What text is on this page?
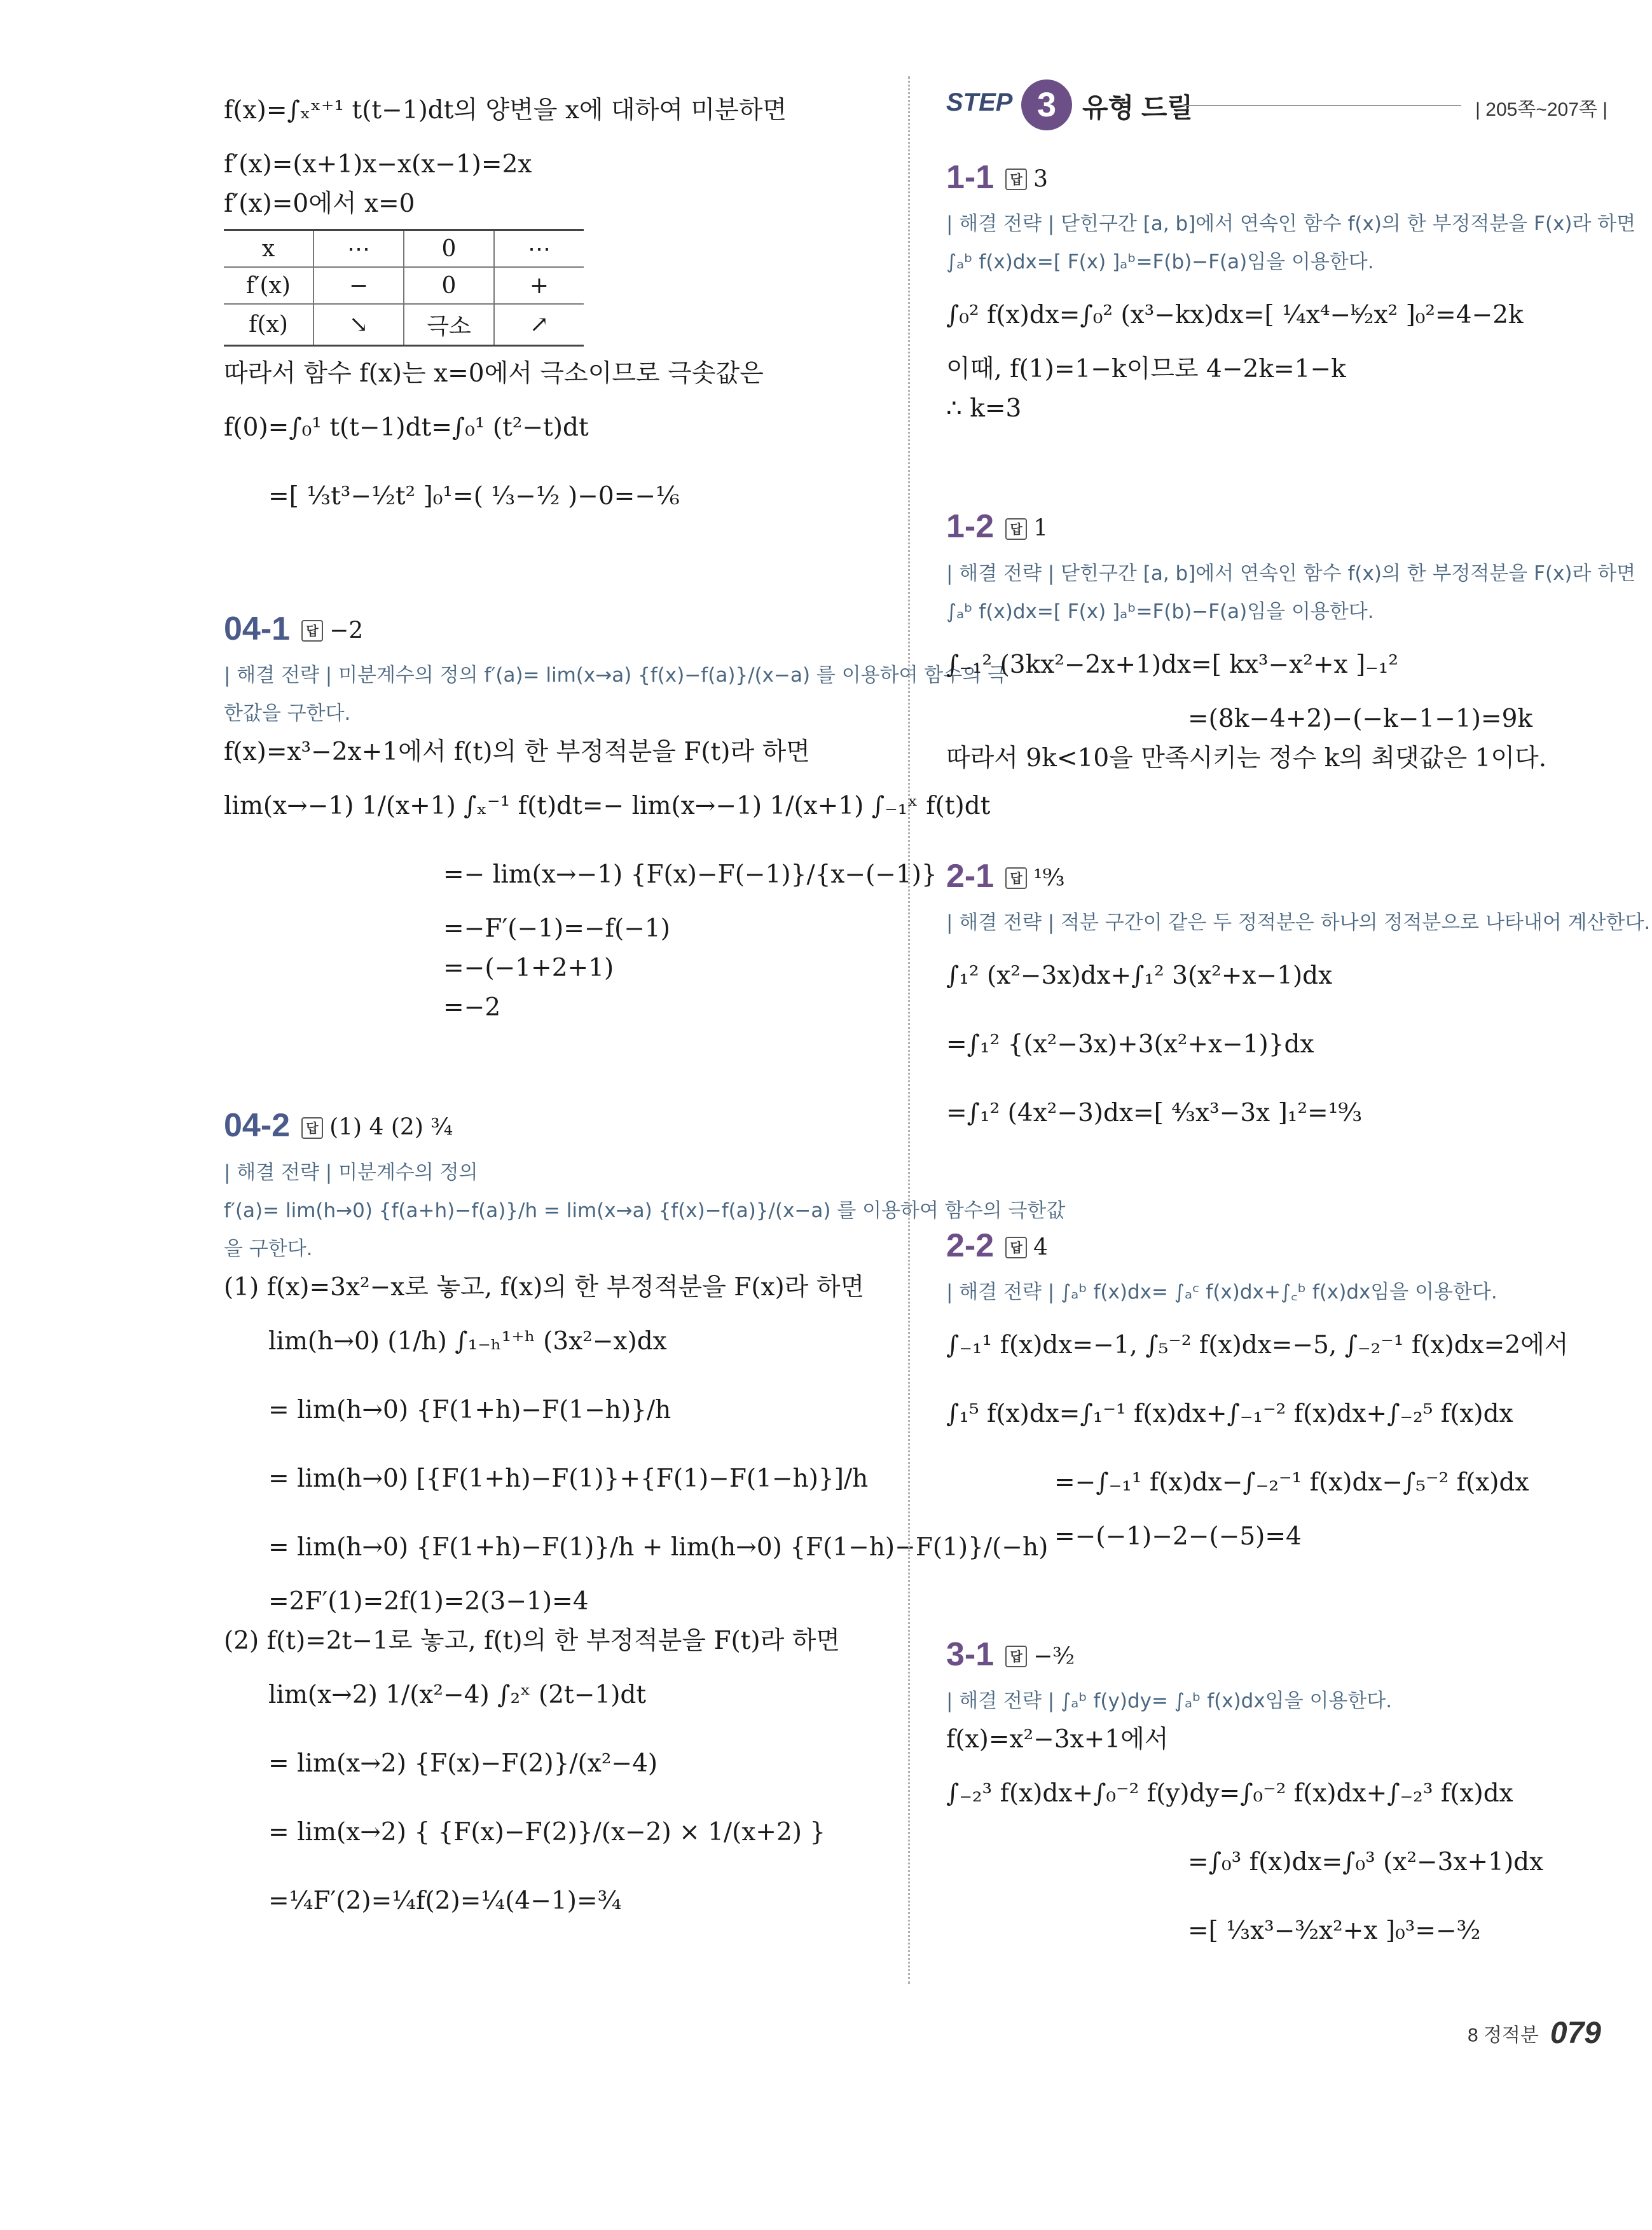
f(x)=∫ₓˣ⁺¹ t(t−1)dt의 양변을 x에 대하여 미분하면
f′(x)=(x+1)x−x(x−1)=2x
f′(x)=0에서 x=0
x	⋯	0	⋯
f′(x)	−	0	+
f(x)	↘	극소	↗
따라서 함수 f(x)는 x=0에서 극소이므로 극솟값은
f(0)=∫₀¹ t(t−1)dt=∫₀¹ (t²−t)dt
=[ ¹⁄₃t³−¹⁄₂t² ]₀¹=( ¹⁄₃−¹⁄₂ )−0=−¹⁄₆
04-1 답 −2
| 해결 전략 | 미분계수의 정의 f′(a)= lim(x→a) {f(x)−f(a)}/(x−a) 를 이용하여 함수의 극
한값을 구한다.
f(x)=x³−2x+1에서 f(t)의 한 부정적분을 F(t)라 하면
lim(x→−1) 1/(x+1) ∫ₓ⁻¹ f(t)dt=− lim(x→−1) 1/(x+1) ∫₋₁ˣ f(t)dt
=− lim(x→−1) {F(x)−F(−1)}/{x−(−1)}
=−F′(−1)=−f(−1)
=−(−1+2+1)
=−2
04-2 답 (1) 4 (2) ³⁄₄
| 해결 전략 | 미분계수의 정의
f′(a)= lim(h→0) {f(a+h)−f(a)}/h = lim(x→a) {f(x)−f(a)}/(x−a) 를 이용하여 함수의 극한값
을 구한다.
(1) f(x)=3x²−x로 놓고, f(x)의 한 부정적분을 F(x)라 하면
lim(h→0) (1/h) ∫₁₋ₕ¹⁺ʰ (3x²−x)dx
= lim(h→0) {F(1+h)−F(1−h)}/h
= lim(h→0) [{F(1+h)−F(1)}+{F(1)−F(1−h)}]/h
= lim(h→0) {F(1+h)−F(1)}/h + lim(h→0) {F(1−h)−F(1)}/(−h)
=2F′(1)=2f(1)=2(3−1)=4
(2) f(t)=2t−1로 놓고, f(t)의 한 부정적분을 F(t)라 하면
lim(x→2) 1/(x²−4) ∫₂ˣ (2t−1)dt
= lim(x→2) {F(x)−F(2)}/(x²−4)
= lim(x→2) { {F(x)−F(2)}/(x−2) × 1/(x+2) }
=¹⁄₄F′(2)=¹⁄₄f(2)=¹⁄₄(4−1)=³⁄₄
STEP 3 유형 드릴	| 205쪽~207쪽 |
1-1 답 3
| 해결 전략 | 닫힌구간 [a, b]에서 연속인 함수 f(x)의 한 부정적분을 F(x)라 하면
∫ₐᵇ f(x)dx=[ F(x) ]ₐᵇ=F(b)−F(a)임을 이용한다.
∫₀² f(x)dx=∫₀² (x³−kx)dx=[ ¹⁄₄x⁴−ᵏ⁄₂x² ]₀²=4−2k
이때, f(1)=1−k이므로 4−2k=1−k
∴ k=3
1-2 답 1
| 해결 전략 | 닫힌구간 [a, b]에서 연속인 함수 f(x)의 한 부정적분을 F(x)라 하면
∫ₐᵇ f(x)dx=[ F(x) ]ₐᵇ=F(b)−F(a)임을 이용한다.
∫₋₁² (3kx²−2x+1)dx=[ kx³−x²+x ]₋₁²
=(8k−4+2)−(−k−1−1)=9k
따라서 9k<10을 만족시키는 정수 k의 최댓값은 1이다.
2-1 답 ¹⁹⁄₃
| 해결 전략 | 적분 구간이 같은 두 정적분은 하나의 정적분으로 나타내어 계산한다.
∫₁² (x²−3x)dx+∫₁² 3(x²+x−1)dx
=∫₁² {(x²−3x)+3(x²+x−1)}dx
=∫₁² (4x²−3)dx=[ ⁴⁄₃x³−3x ]₁²=¹⁹⁄₃
2-2 답 4
| 해결 전략 | ∫ₐᵇ f(x)dx= ∫ₐᶜ f(x)dx+∫꜀ᵇ f(x)dx임을 이용한다.
∫₋₁¹ f(x)dx=−1, ∫₅⁻² f(x)dx=−5, ∫₋₂⁻¹ f(x)dx=2에서
∫₁⁵ f(x)dx=∫₁⁻¹ f(x)dx+∫₋₁⁻² f(x)dx+∫₋₂⁵ f(x)dx
=−∫₋₁¹ f(x)dx−∫₋₂⁻¹ f(x)dx−∫₅⁻² f(x)dx
=−(−1)−2−(−5)=4
3-1 답 −³⁄₂
| 해결 전략 | ∫ₐᵇ f(y)dy= ∫ₐᵇ f(x)dx임을 이용한다.
f(x)=x²−3x+1에서
∫₋₂³ f(x)dx+∫₀⁻² f(y)dy=∫₀⁻² f(x)dx+∫₋₂³ f(x)dx
=∫₀³ f(x)dx=∫₀³ (x²−3x+1)dx
=[ ¹⁄₃x³−³⁄₂x²+x ]₀³=−³⁄₂
8 정적분 079
